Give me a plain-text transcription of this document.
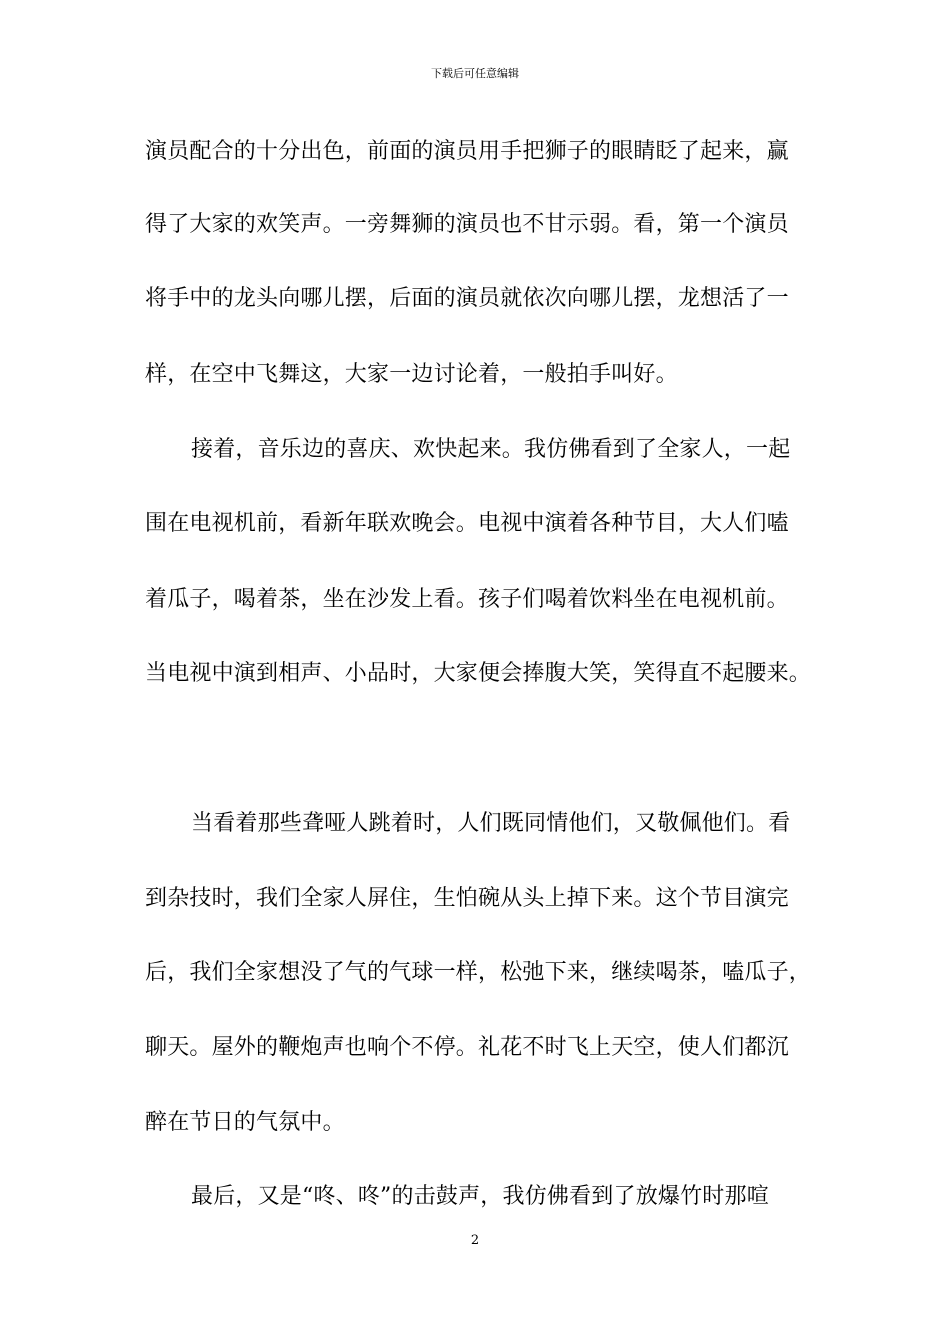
下载后可任意编辑
演员配合的十分出色，前面的演员用手把狮子的眼睛眨了起来，赢
得了大家的欢笑声。一旁舞狮的演员也不甘示弱。看，第一个演员
将手中的龙头向哪儿摆，后面的演员就依次向哪儿摆，龙想活了一
样，在空中飞舞这，大家一边讨论着，一般拍手叫好。
接着，音乐边的喜庆、欢快起来。我仿佛看到了全家人，一起
围在电视机前，看新年联欢晚会。电视中演着各种节目，大人们嗑
着瓜子，喝着茶，坐在沙发上看。孩子们喝着饮料坐在电视机前。
当电视中演到相声、小品时，大家便会捧腹大笑，笑得直不起腰来。
当看着那些聋哑人跳着时，人们既同情他们，又敬佩他们。看
到杂技时，我们全家人屏住，生怕碗从头上掉下来。这个节目演完
后，我们全家想没了气的气球一样，松弛下来，继续喝茶，嗑瓜子，
聊天。屋外的鞭炮声也响个不停。礼花不时飞上天空，使人们都沉
醉在节日的气氛中。
最后，又是“咚、咚”的击鼓声，我仿佛看到了放爆竹时那喧
2
